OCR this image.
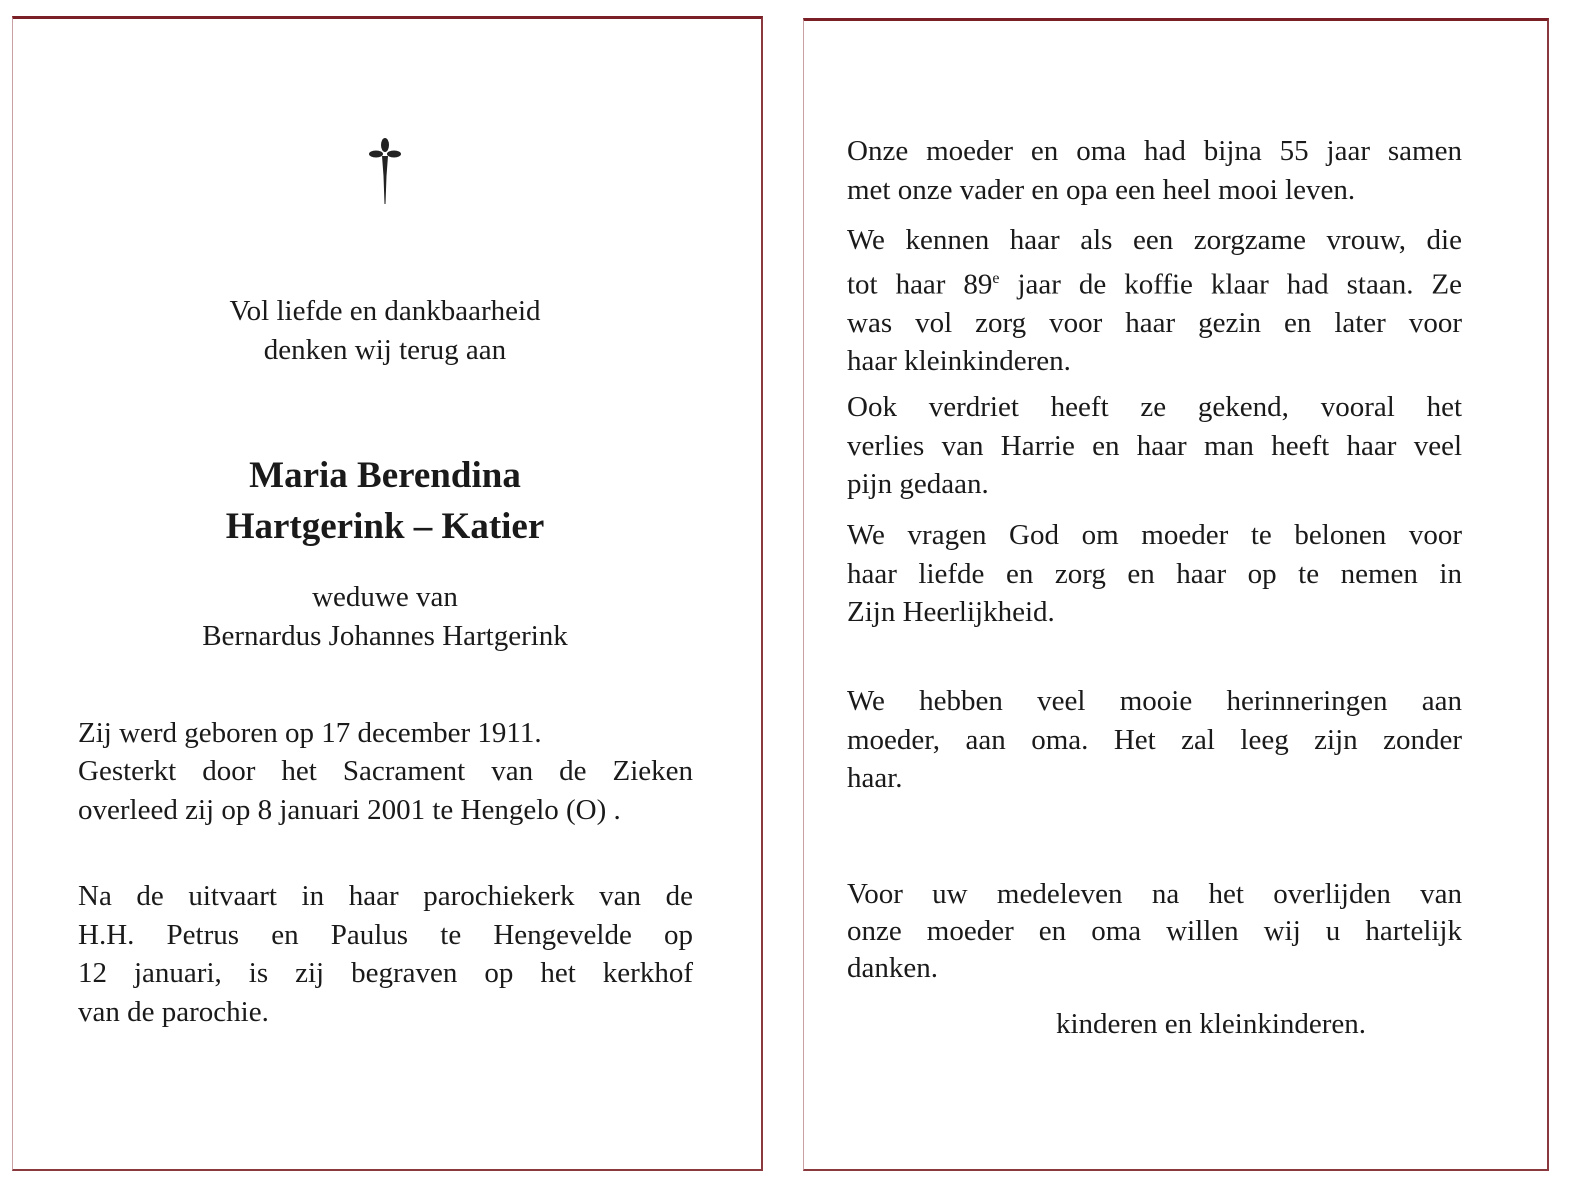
Vol liefde en dankbaarheid
denken wij terug aan
Maria Berendina
Hartgerink – Katier
weduwe van
Bernardus Johannes Hartgerink
Zij werd geboren op 17 december 1911.
Gesterkt door het Sacrament van de Zieken
overleed zij op 8 januari 2001 te Hengelo (O) .
Na de uitvaart in haar parochiekerk van de
H.H. Petrus en Paulus te Hengevelde op
12 januari, is zij begraven op het kerkhof
van de parochie.
Onze moeder en oma had bijna 55 jaar samen
met onze vader en opa een heel mooi leven.
We kennen haar als een zorgzame vrouw, die
tot haar 89e jaar de koffie klaar had staan. Ze
was vol zorg voor haar gezin en later voor
haar kleinkinderen.
Ook verdriet heeft ze gekend, vooral het
verlies van Harrie en haar man heeft haar veel
pijn gedaan.
We vragen God om moeder te belonen voor
haar liefde en zorg en haar op te nemen in
Zijn Heerlijkheid.
We hebben veel mooie herinneringen aan
moeder, aan oma. Het zal leeg zijn zonder
haar.
Voor uw medeleven na het overlijden van
onze moeder en oma willen wij u hartelijk
danken.
kinderen en kleinkinderen.
